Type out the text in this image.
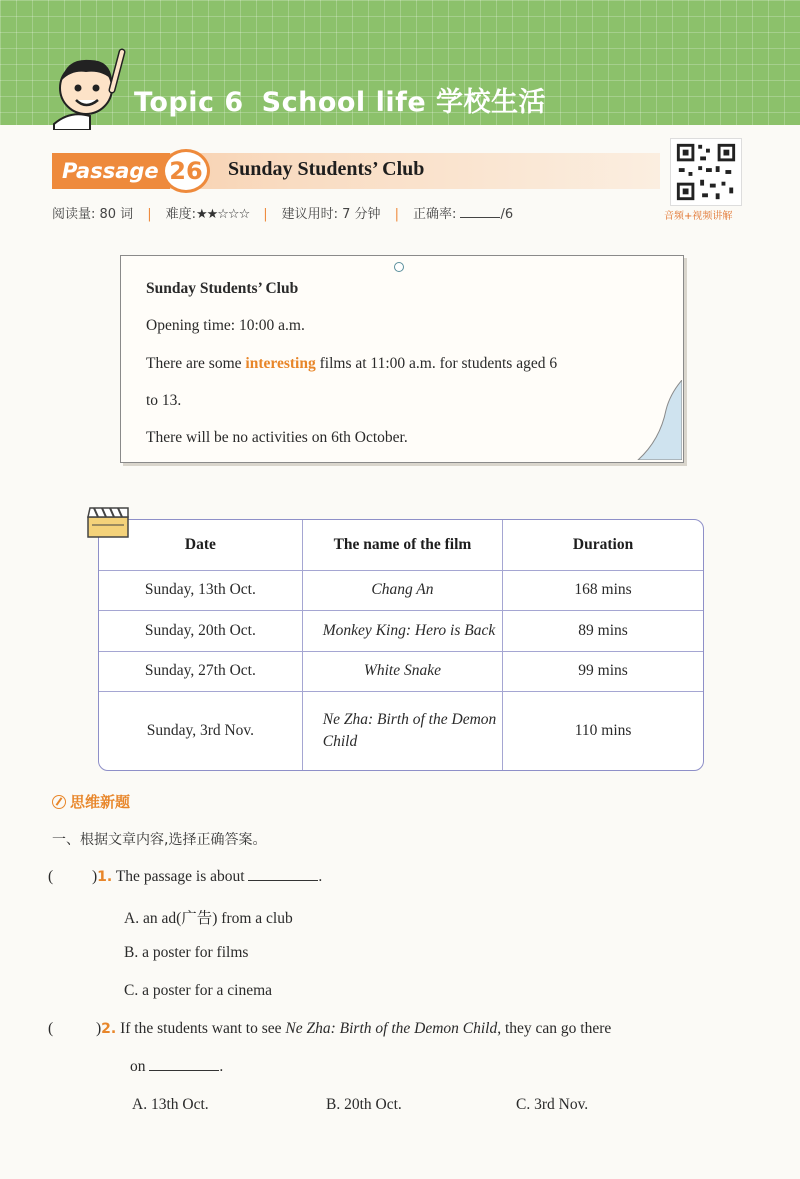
Topic 6 School life 学校生活
Passage 26	Sunday Students’ Club
音频+视频讲解
阅读量: 80 词 | 难度:★★☆☆☆ | 建议用时: 7 分钟 | 正确率:	/6
Sunday Students’ Club
Opening time: 10:00 a.m.
There are some interesting films at 11:00 a.m. for students aged 6
to 13.
There will be no activities on 6th October.
Date	The name of the film	Duration
Sunday, 13th Oct.	Chang An	168 mins
Sunday, 20th Oct.	Monkey King: Hero is Back	89 mins
Sunday, 27th Oct.	White Snake	99 mins
Sunday, 3rd Nov.	Ne Zha: Birth of the Demon Child	110 mins
思维新题
一、根据文章内容,选择正确答案。
(	)1. The passage is about	.
A. an ad(广告) from a club
B. a poster for films
C. a poster for a cinema
(	)2. If the students want to see Ne Zha: Birth of the Demon Child, they can go there
on	.
A. 13th Oct.	B. 20th Oct.	C. 3rd Nov.
